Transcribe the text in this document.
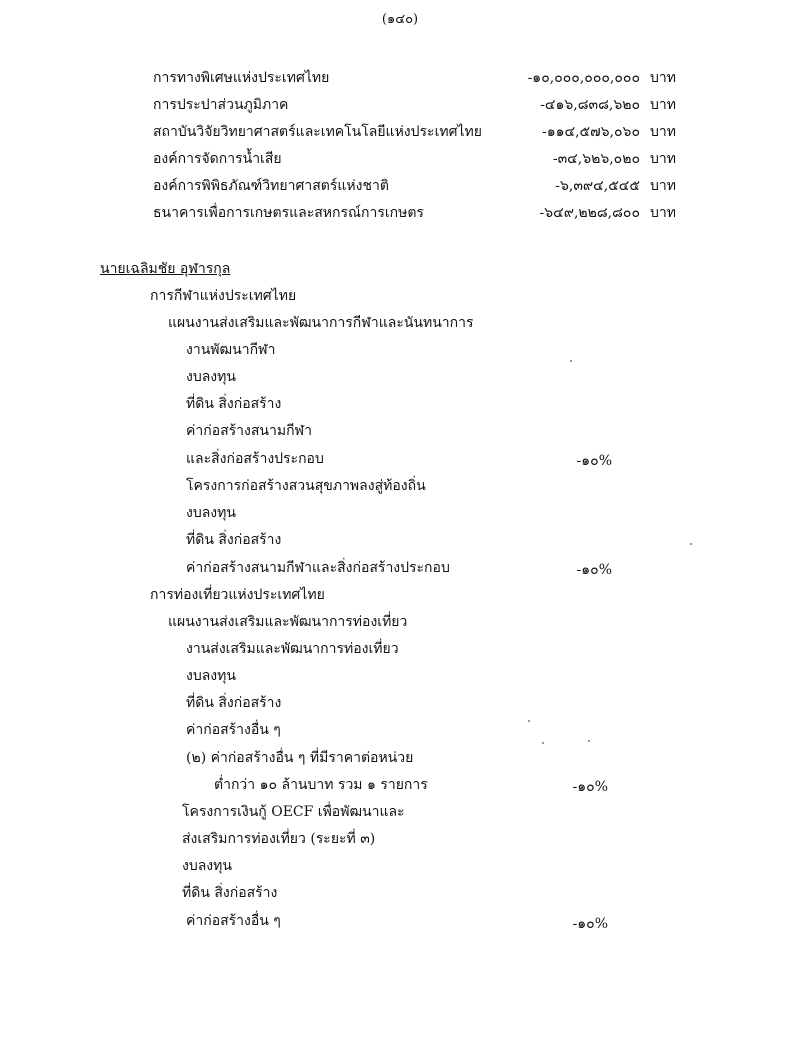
(๑๔๐)
การทางพิเศษแห่งประเทศไทย	-๑๐,๐๐๐,๐๐๐,๐๐๐ บาท
การประปาส่วนภูมิภาค	-๔๑๖,๘๓๘,๖๒๐ บาท
สถาบันวิจัยวิทยาศาสตร์และเทคโนโลยีแห่งประเทศไทย	-๑๑๔,๕๗๖,๐๖๐ บาท
องค์การจัดการน้ำเสีย	-๓๔,๖๒๖,๐๒๐ บาท
องค์การพิพิธภัณฑ์วิทยาศาสตร์แห่งชาติ	-๖,๓๙๔,๕๔๕ บาท
ธนาคารเพื่อการเกษตรและสหกรณ์การเกษตร	-๖๔๙,๒๒๘,๘๐๐ บาท
นายเฉลิมชัย อุฬารกุล
การกีฬาแห่งประเทศไทย
แผนงานส่งเสริมและพัฒนาการกีฬาและนันทนาการ
งานพัฒนากีฬา
งบลงทุน
ที่ดิน สิ่งก่อสร้าง
ค่าก่อสร้างสนามกีฬา
และสิ่งก่อสร้างประกอบ	-๑๐%
โครงการก่อสร้างสวนสุขภาพลงสู่ท้องถิ่น
งบลงทุน
ที่ดิน สิ่งก่อสร้าง
ค่าก่อสร้างสนามกีฬาและสิ่งก่อสร้างประกอบ	-๑๐%
การท่องเที่ยวแห่งประเทศไทย
แผนงานส่งเสริมและพัฒนาการท่องเที่ยว
งานส่งเสริมและพัฒนาการท่องเที่ยว
งบลงทุน
ที่ดิน สิ่งก่อสร้าง
ค่าก่อสร้างอื่น ๆ
(๒) ค่าก่อสร้างอื่น ๆ ที่มีราคาต่อหน่วย
ต่ำกว่า ๑๐ ล้านบาท รวม ๑ รายการ	-๑๐%
โครงการเงินกู้ OECF เพื่อพัฒนาและ
ส่งเสริมการท่องเที่ยว (ระยะที่ ๓)
งบลงทุน
ที่ดิน สิ่งก่อสร้าง
ค่าก่อสร้างอื่น ๆ	-๑๐%
